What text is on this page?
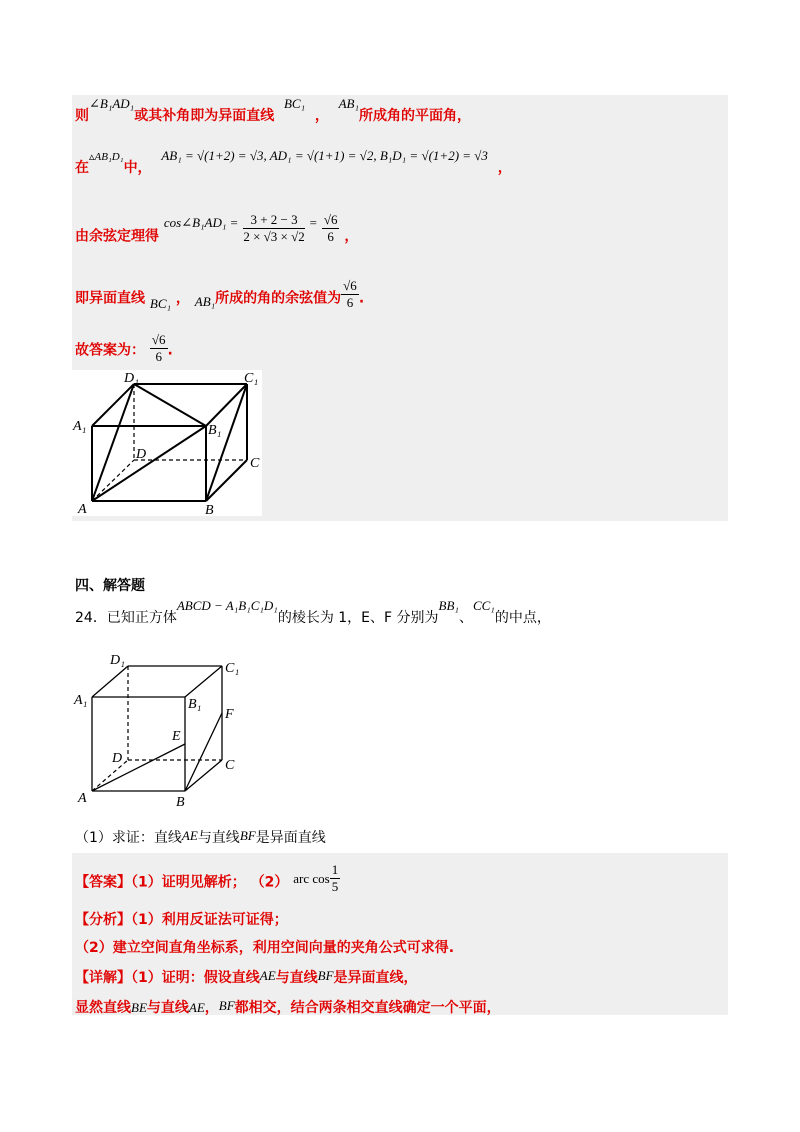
则∠B₁AD₁或其补角即为异面直线  BC₁  ，  AB₁所成角的平面角，
在$^{▵AB_1D_1}$中，  AB₁ = √(1+2) = √3, AD₁ = √(1+1) = √2, B₁D₁ = √(1+2) = √3  ，
由余弦定理得 cos∠B₁AD₁ = $\frac{3 + 2 - 3}{2 \times √3 \times √2} = \frac{√6}{6}$ ，
即异面直线 BC₁ ， AB₁所成的角的余弦值为 $\frac{√6}{6}$ .
故答案为： $\frac{√6}{6}$ .
D₁	C₁
A₁	B₁
D
C
A	B
四、解答题
24．已知正方体ABCD − A₁B₁C₁D₁的棱长为 1，E、F 分别为BB₁、CC₁的中点，
D₁
C₁
A₁	B₁
E
F
D	C
A	B
（1）求证：直线AE与直线BF是异面直线
【答案】（1）证明见解析； （2） arc $\cos \frac{1}{5}$
【分析】（1）利用反证法可证得；
（2）建立空间直角坐标系，利用空间向量的夹角公式可求得.
【详解】（1）证明：假设直线AE与直线BF是异面直线，
显然直线BE与直线AE，BF都相交，结合两条相交直线确定一个平面，
